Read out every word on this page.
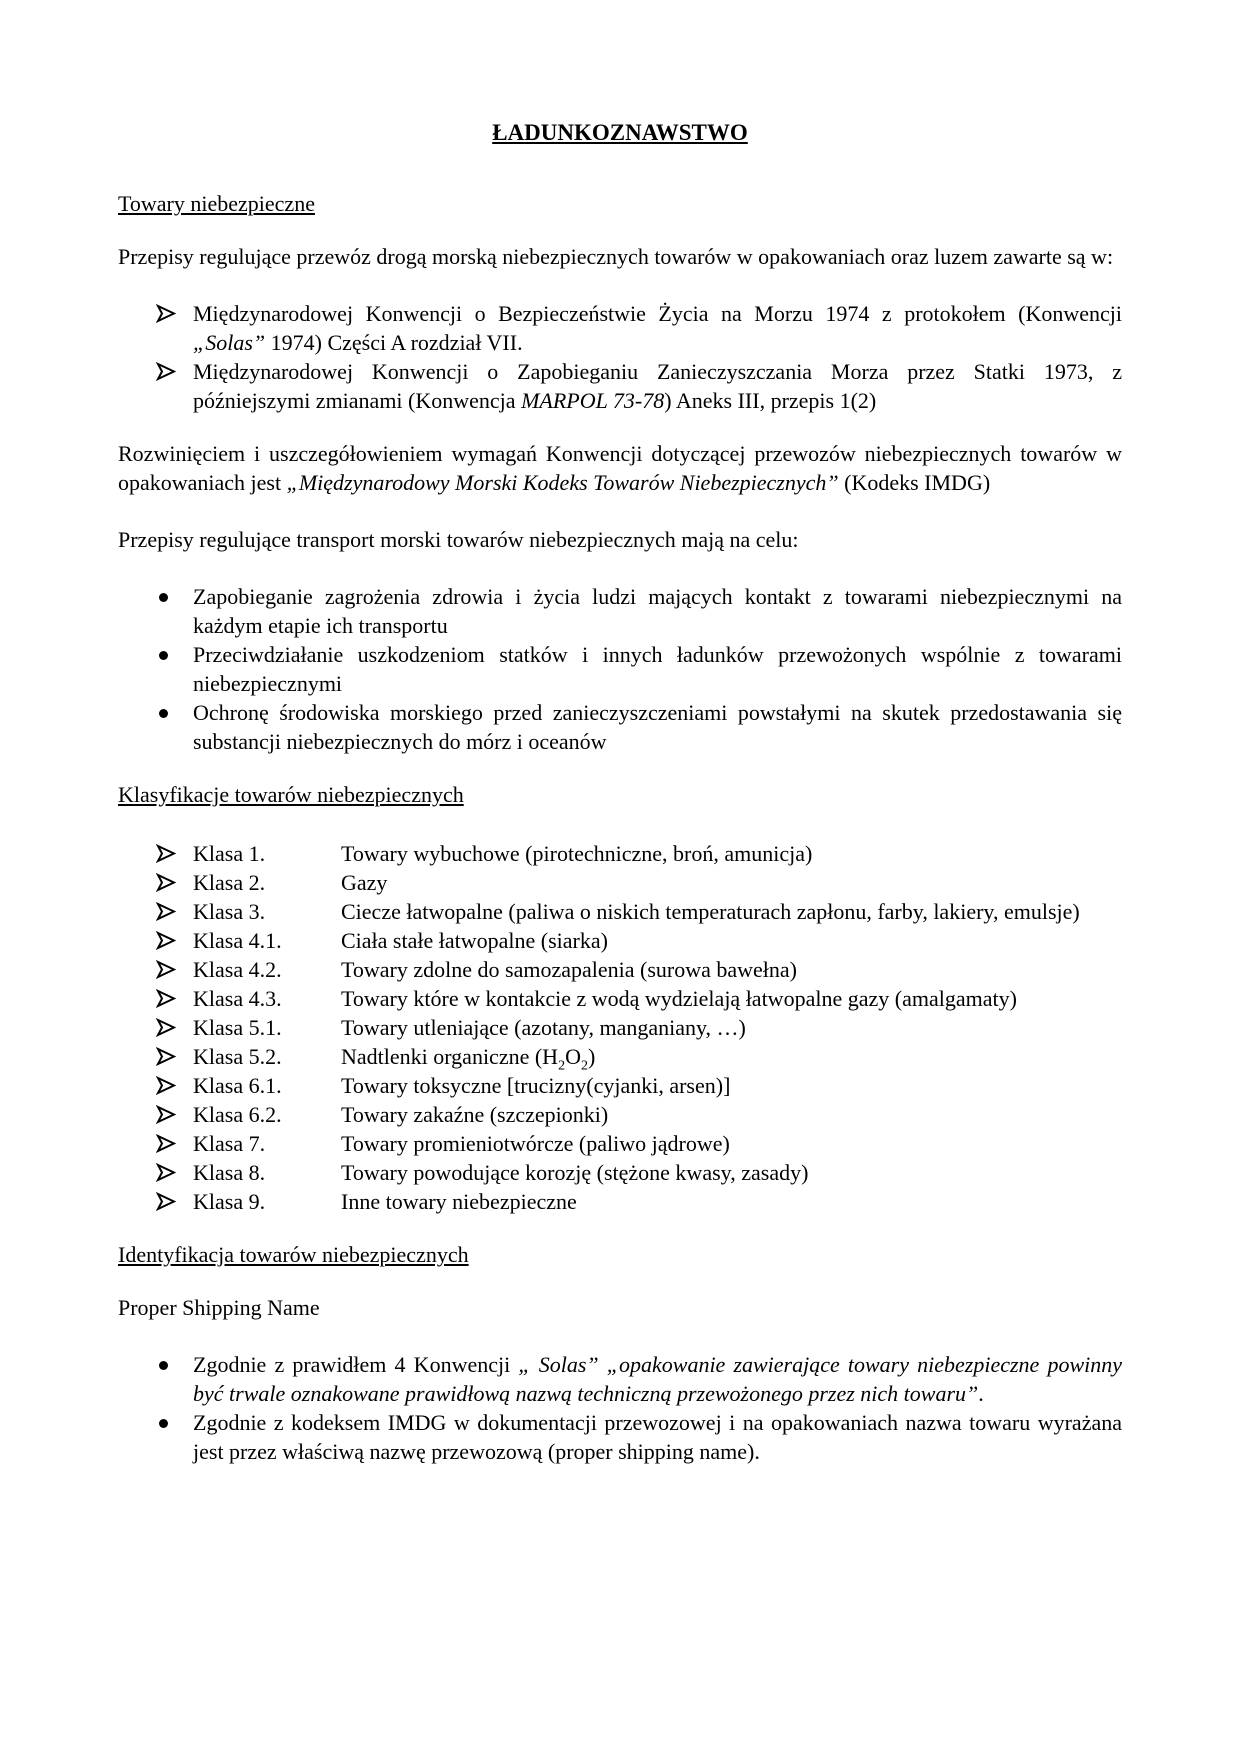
ŁADUNKOZNAWSTWO

Towary niebezpieczne

Przepisy regulujące przewóz drogą morską niebezpiecznych towarów w opakowaniach oraz luzem zawarte są w:

Międzynarodowej Konwencji o Bezpieczeństwie Życia na Morzu 1974 z protokołem (Konwencji „Solas” 1974) Części A rozdział VII.
Międzynarodowej Konwencji o Zapobieganiu Zanieczyszczania Morza przez Statki 1973, z późniejszymi zmianami (Konwencja MARPOL 73-78) Aneks III, przepis 1(2)

Rozwinięciem i uszczegółowieniem wymagań Konwencji dotyczącej przewozów niebezpiecznych towarów w opakowaniach jest „Międzynarodowy Morski Kodeks Towarów Niebezpiecznych” (Kodeks IMDG)

Przepisy regulujące transport morski towarów niebezpiecznych mają na celu:

Zapobieganie zagrożenia zdrowia i życia ludzi mających kontakt z towarami niebezpiecznymi na każdym etapie ich transportu
Przeciwdziałanie uszkodzeniom statków i innych ładunków przewożonych wspólnie z towarami niebezpiecznymi
Ochronę środowiska morskiego przed zanieczyszczeniami powstałymi na skutek przedostawania się substancji niebezpiecznych do mórz i oceanów

Klasyfikacje towarów niebezpiecznych

Klasa 1.	Towary wybuchowe (pirotechniczne, broń, amunicja)
Klasa 2.	Gazy
Klasa 3.	Ciecze łatwopalne (paliwa o niskich temperaturach zapłonu, farby, lakiery, emulsje)
Klasa 4.1.	Ciała stałe łatwopalne (siarka)
Klasa 4.2.	Towary zdolne do samozapalenia (surowa bawełna)
Klasa 4.3.	Towary które w kontakcie z wodą wydzielają łatwopalne gazy (amalgamaty)
Klasa 5.1.	Towary utleniające (azotany, manganiany, …)
Klasa 5.2.	Nadtlenki organiczne $(H_2O_2)$
Klasa 6.1.	Towary toksyczne [trucizny(cyjanki, arsen)]
Klasa 6.2.	Towary zakaźne (szczepionki)
Klasa 7.	Towary promieniotwórcze (paliwo jądrowe)
Klasa 8.	Towary powodujące korozję (stężone kwasy, zasady)
Klasa 9.	Inne towary niebezpieczne

Identyfikacja towarów niebezpiecznych

Proper Shipping Name

Zgodnie z prawidłem 4 Konwencji „ Solas” „opakowanie zawierające towary niebezpieczne powinny być trwale oznakowane prawidłową nazwą techniczną przewożonego przez nich towaru”.
Zgodnie z kodeksem IMDG w dokumentacji przewozowej i na opakowaniach nazwa towaru wyrażana jest przez właściwą nazwę przewozową (proper shipping name).
